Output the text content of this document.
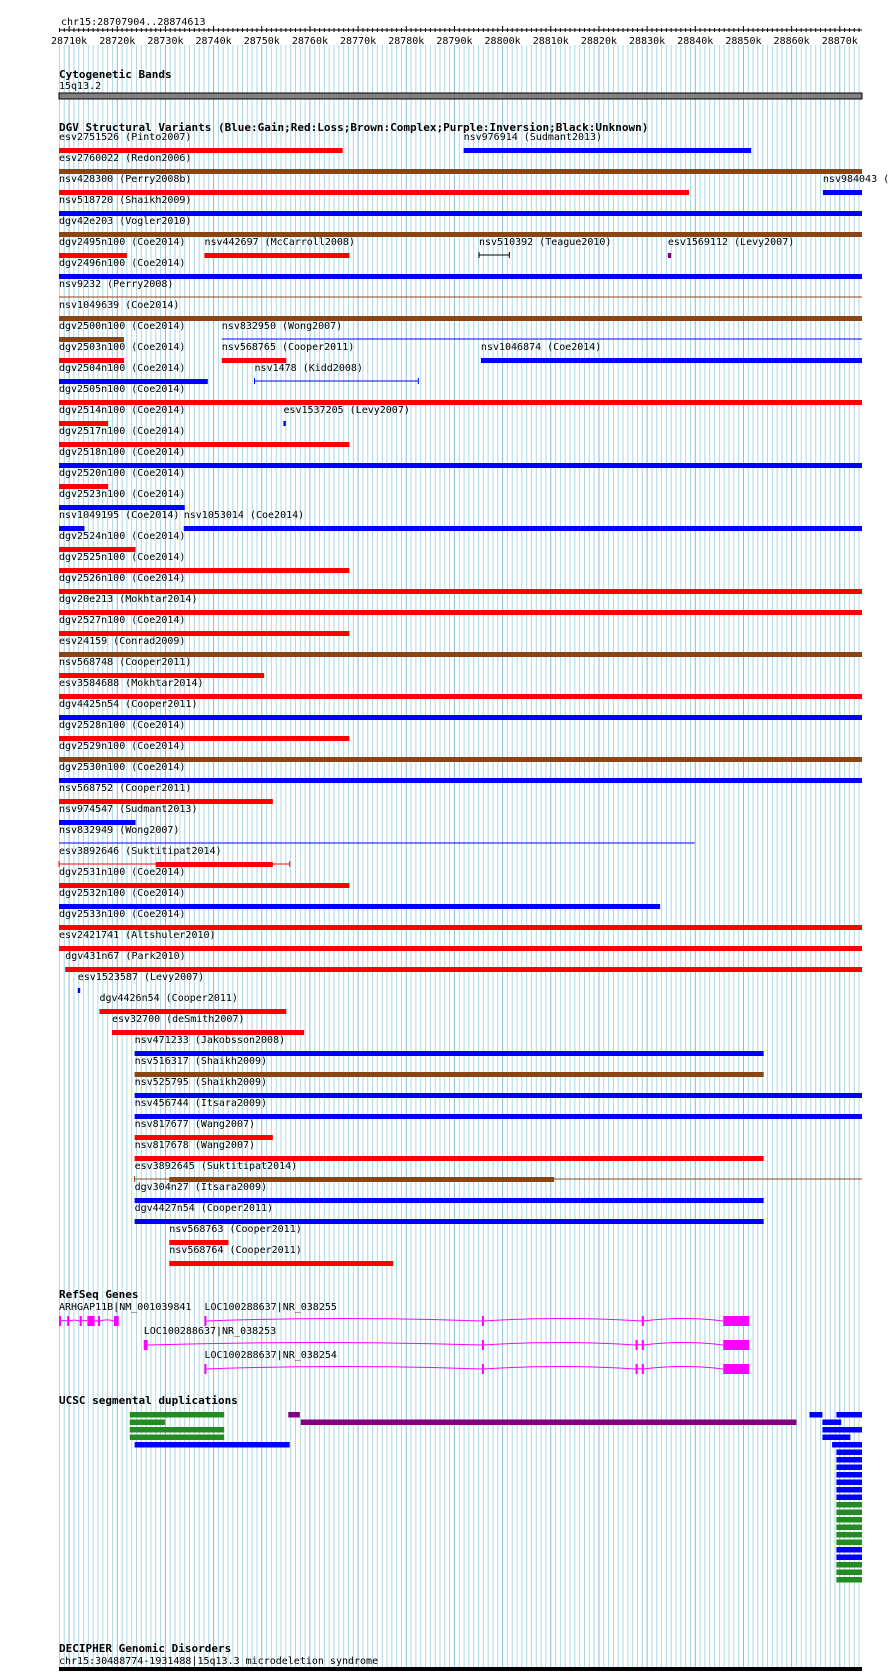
chr15:28707904..28874613
28710k 28720k 28730k 28740k 28750k 28760k 28770k 28780k 28790k 28800k 28810k 28820k 28830k 28840k 28850k 28860k 28870k
Cytogenetic Bands
15q13.2
DGV Structural Variants (Blue:Gain;Red:Loss;Brown:Complex;Purple:Inversion;Black:Unknown)
esv2751526 (Pinto2007)	nsv976914 (Sudmant2013)
esv2760022 (Redon2006)
nsv428300 (Perry2008b)	nsv984043 (
nsv518720 (Shaikh2009)
dgv42e203 (Vogler2010)
dgv2495n100 (Coe2014) nsv442697 (McCarroll2008)	nsv510392 (Teague2010)	esv1569112 (Levy2007)
dgv2496n100 (Coe2014)
nsv9232 (Perry2008)
nsv1049639 (Coe2014)
dgv2500n100 (Coe2014)	nsv832950 (Wong2007)
dgv2503n100 (Coe2014)	nsv568765 (Cooper2011)	nsv1046874 (Coe2014)
dgv2504n100 (Coe2014)	nsv1478 (Kidd2008)
dgv2505n100 (Coe2014)
dgv2514n100 (Coe2014)	esv1537205 (Levy2007)
dgv2517n100 (Coe2014)
dgv2518n100 (Coe2014)
dgv2520n100 (Coe2014)
dgv2523n100 (Coe2014)
nsv1049195 (Coe2014) nsv1053014 (Coe2014)
dgv2524n100 (Coe2014)
dgv2525n100 (Coe2014)
dgv2526n100 (Coe2014)
dgv20e213 (Mokhtar2014)
dgv2527n100 (Coe2014)
esv24159 (Conrad2009)
nsv568748 (Cooper2011)
esv3584688 (Mokhtar2014)
dgv4425n54 (Cooper2011)
dgv2528n100 (Coe2014)
dgv2529n100 (Coe2014)
dgv2530n100 (Coe2014)
nsv568752 (Cooper2011)
nsv974547 (Sudmant2013)
nsv832949 (Wong2007)
esv3892646 (Suktitipat2014)
dgv2531n100 (Coe2014)
dgv2532n100 (Coe2014)
dgv2533n100 (Coe2014)
esv2421741 (Altshuler2010)
dgv431n67 (Park2010)
esv1523587 (Levy2007)
dgv4426n54 (Cooper2011)
esv32700 (deSmith2007)
nsv471233 (Jakobsson2008)
nsv516317 (Shaikh2009)
nsv525795 (Shaikh2009)
nsv456744 (Itsara2009)
nsv817677 (Wang2007)
nsv817678 (Wang2007)
esv3892645 (Suktitipat2014)
dgv304n27 (Itsara2009)
dgv4427n54 (Cooper2011)
nsv568763 (Cooper2011)
nsv568764 (Cooper2011)
RefSeq Genes
ARHGAP11B|NM_001039841 LOC100288637|NR_038255
LOC100288637|NR_038253
LOC100288637|NR_038254
UCSC segmental duplications
DECIPHER Genomic Disorders
chr15:30488774-1931488|15q13.3 microdeletion syndrome
